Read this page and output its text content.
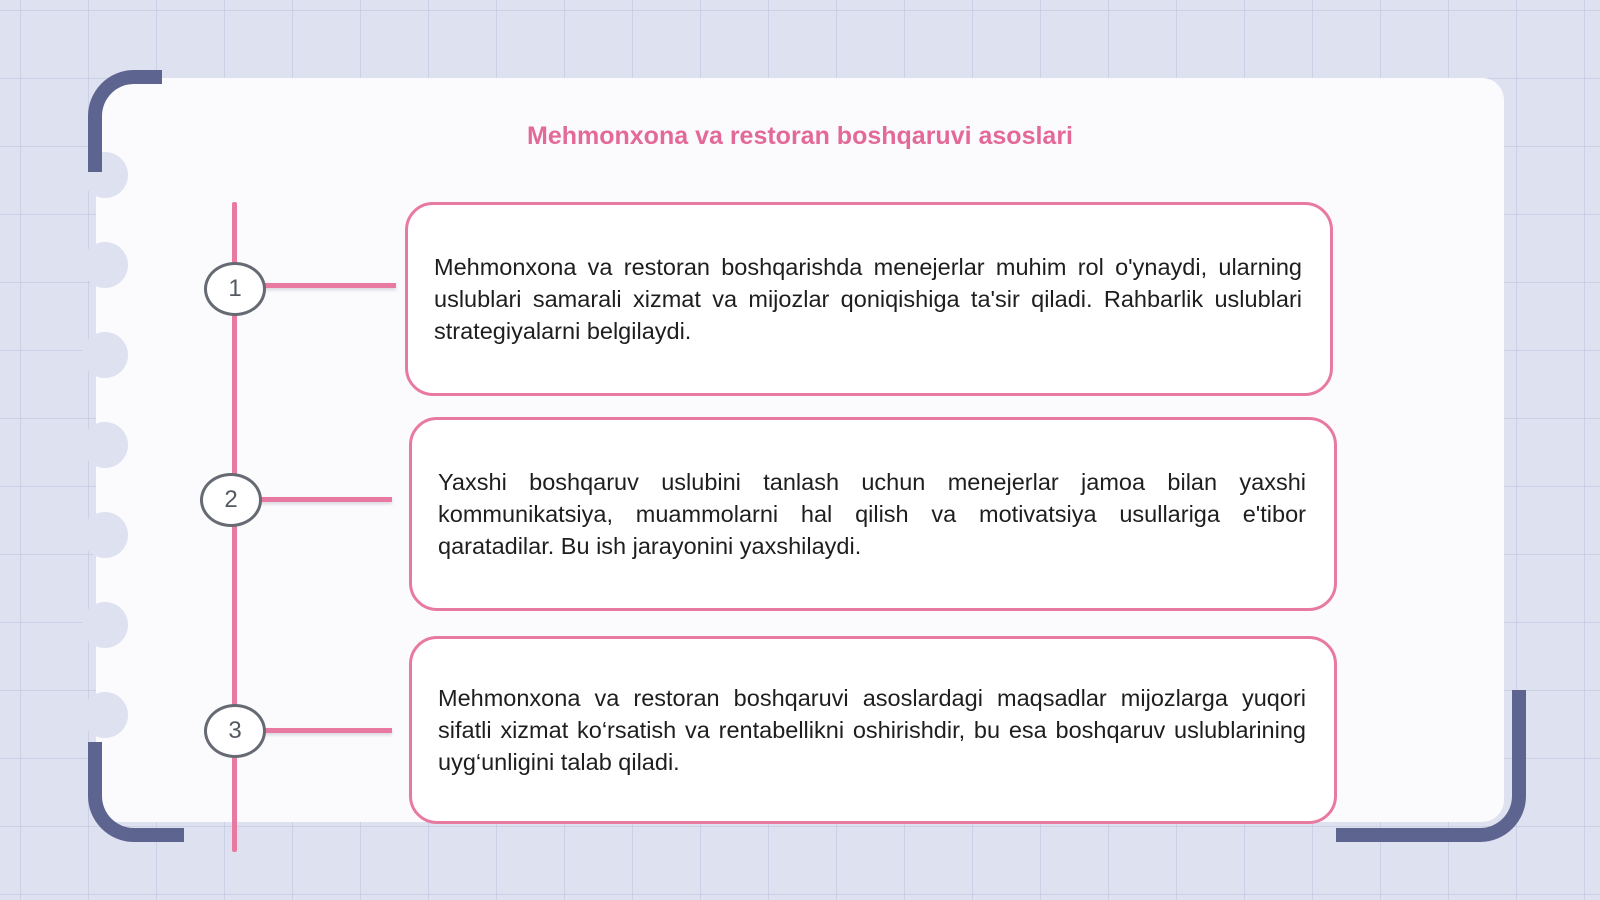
Mehmonxona va restoran boshqaruvi asoslari
1
2
3

Mehmonxona va restoran boshqarishda menejerlar muhim rol o'ynaydi, ularning uslublari samarali xizmat va mijozlar qoniqishiga ta'sir qiladi. Rahbarlik uslublari strategiyalarni belgilaydi.

Yaxshi boshqaruv uslubini tanlash uchun menejerlar jamoa bilan yaxshi kommunikatsiya, muammolarni hal qilish va motivatsiya usullariga e'tibor qaratadilar. Bu ish jarayonini yaxshilaydi.

Mehmonxona va restoran boshqaruvi asoslardagi maqsadlar mijozlarga yuqori sifatli xizmat ko‘rsatish va rentabellikni oshirishdir, bu esa boshqaruv uslublarining uyg‘unligini talab qiladi.
